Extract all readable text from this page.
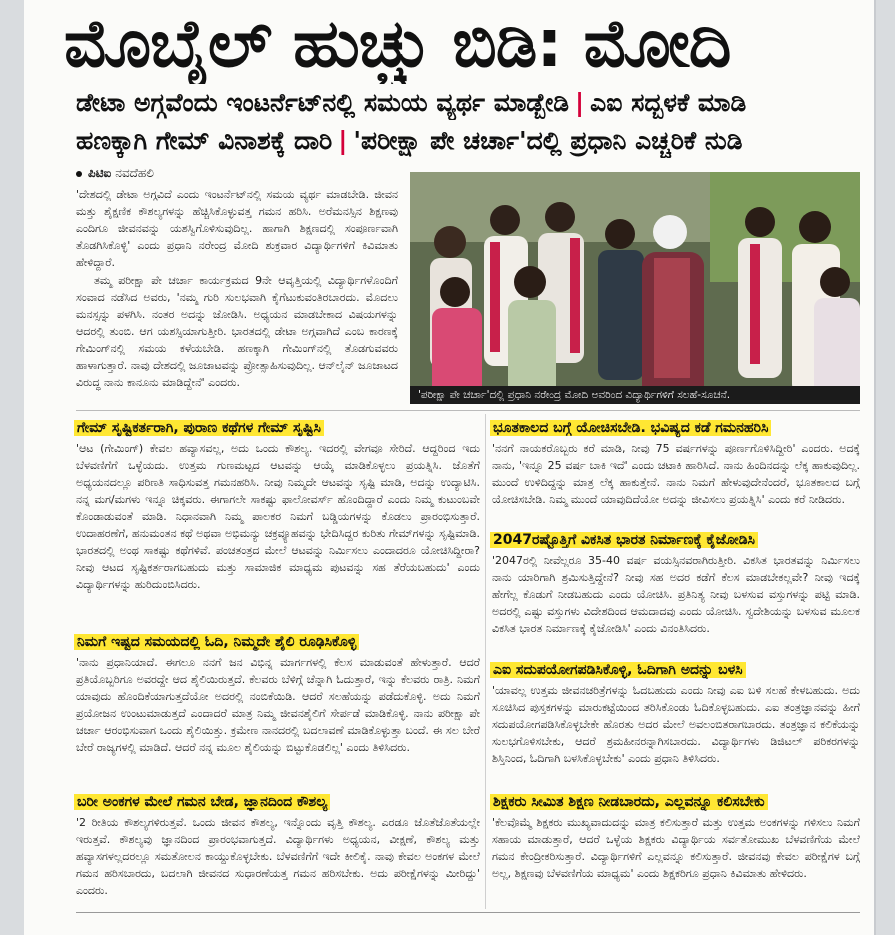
ಮೊಬೈಲ್ ಹುಚ್ಚು ಬಿಡಿ: ಮೋದಿ
ಡೇಟಾ ಅಗ್ಗವೆಂದು ಇಂಟರ್ನೆಟ್‌ನಲ್ಲಿ ಸಮಯ ವ್ಯರ್ಥ ಮಾಡ್ಬೇಡಿ | ಎಐ ಸದ್ಬಳಕೆ ಮಾಡಿ
ಹಣಕ್ಕಾಗಿ ಗೇಮ್ ವಿನಾಶಕ್ಕೆ ದಾರಿ | 'ಪರೀಕ್ಷಾ ಪೇ ಚರ್ಚಾ'ದಲ್ಲಿ ಪ್ರಧಾನಿ ಎಚ್ಚರಿಕೆ ನುಡಿ
ಪಿಟಿಐ ನವದೆಹಲಿ
'ದೇಶದಲ್ಲಿ ಡೇಟಾ ಅಗ್ಗವಿದೆ ಎಂದು ಇಂಟರ್ನೆಟ್‌ನಲ್ಲಿ ಸಮಯ ವ್ಯರ್ಥ ಮಾಡಬೇಡಿ. ಜೀವನ ಮತ್ತು ಶೈಕ್ಷಣಿಕ ಕೌಶಲ್ಯಗಳನ್ನು ಹೆಚ್ಚಿಸಿಕೊಳ್ಳುವತ್ತ ಗಮನ ಹರಿಸಿ. ಅರೆಮನಸ್ಸಿನ ಶಿಕ್ಷಣವು ಎಂದಿಗೂ ಜೀವನವನ್ನು ಯಶಸ್ವಿಗೊಳಿಸುವುದಿಲ್ಲ. ಹಾಗಾಗಿ ಶಿಕ್ಷಣದಲ್ಲಿ ಸಂಪೂರ್ಣವಾಗಿ ತೊಡಗಿಸಿಕೊಳ್ಳಿ' ಎಂದು ಪ್ರಧಾನಿ ನರೇಂದ್ರ ಮೋದಿ ಶುಕ್ರವಾರ ವಿದ್ಯಾರ್ಥಿಗಳಿಗೆ ಕಿವಿಮಾತು ಹೇಳಿದ್ದಾರೆ.
ತಮ್ಮ ಪರೀಕ್ಷಾ ಪೇ ಚರ್ಚಾ ಕಾರ್ಯಕ್ರಮದ 9ನೇ ಆವೃತ್ತಿಯಲ್ಲಿ ವಿದ್ಯಾರ್ಥಿಗಳೊಂದಿಗೆ ಸಂವಾದ ನಡೆಸಿದ ಅವರು, 'ನಮ್ಮ ಗುರಿ ಸುಲಭವಾಗಿ ಕೈಗೆಟುಕುವಂತಿರಬಾರದು. ಮೊದಲು ಮನಸ್ಸನ್ನು ಪಳಗಿಸಿ. ನಂತರ ಅದನ್ನು ಜೋಡಿಸಿ. ಅಧ್ಯಯನ ಮಾಡಬೇಕಾದ ವಿಷಯಗಳನ್ನು ಆದರಲ್ಲಿ ತುಂಬಿ. ಆಗ ಯಶಸ್ಸಿಯಾಗುತ್ತೀರಿ. ಭಾರತದಲ್ಲಿ ಡೇಟಾ ಅಗ್ಗವಾಗಿದೆ ಎಂಬ ಕಾರಣಕ್ಕೆ ಗೇಮಿಂಗ್‌ನಲ್ಲಿ ಸಮಯ ಕಳೆಯಬೇಡಿ. ಹಣಕ್ಕಾಗಿ ಗೇಮಿಂಗ್‌ನಲ್ಲಿ ತೊಡಗುವವರು ಹಾಳಾಗುತ್ತಾರೆ. ನಾವು ದೇಶದಲ್ಲಿ ಜೂಜಾಟವನ್ನು ಪ್ರೋತ್ಸಾಹಿಸುವುದಿಲ್ಲ. ಆನ್‌ಲೈನ್ ಜೂಜಾಟದ ವಿರುದ್ಧ ನಾನು ಕಾನೂನು ಮಾಡಿದ್ದೇನೆ' ಎಂದರು.
'ಪರೀಕ್ಷಾ ಪೇ ಚರ್ಚಾ'ದಲ್ಲಿ ಪ್ರಧಾನಿ ನರೇಂದ್ರ ಮೋದಿ ಅವರಿಂದ ವಿದ್ಯಾರ್ಥಿಗಳಿಗೆ ಸಲಹೆ-ಸೂಚನೆ.
ಗೇಮ್ ಸೃಷ್ಟಿಕರ್ತರಾಗಿ, ಪುರಾಣ ಕಥೆಗಳ ಗೇಮ್ ಸೃಷ್ಟಿಸಿ
'ಆಟ (ಗೇಮಿಂಗ್) ಕೇವಲ ಹವ್ಯಾಸವಲ್ಲ, ಅದು ಒಂದು ಕೌಶಲ್ಯ. ಇದರಲ್ಲಿ ವೇಗವೂ ಸೇರಿದೆ. ಆದ್ದರಿಂದ ಇದು ಬೆಳವಣಿಗೆಗೆ ಒಳ್ಳೆಯದು. ಉತ್ತಮ ಗುಣಮಟ್ಟದ ಆಟವನ್ನು ಆಯ್ಕೆ ಮಾಡಿಕೊಳ್ಳಲು ಪ್ರಯತ್ನಿಸಿ. ಜೊತೆಗೆ ಅಧ್ಯಯನದಲ್ಲೂ ಪರಿಣತಿ ಸಾಧಿಸುವತ್ತ ಗಮನಹರಿಸಿ. ನೀವು ನಿಮ್ಮದೇ ಆಟವನ್ನು ಸೃಷ್ಟಿ ಮಾಡಿ, ಅದನ್ನು ಉದ್ಯಾಟಿಸಿ. ನನ್ನ ಮಗ/ಮಗಳು ಇನ್ನೂ ಚಿಕ್ಕವರು. ಈಗಾಗಲೇ ಸಾಕಷ್ಟು ಫಾಲೋವರ್ಸ್ ಹೊಂದಿದ್ದಾರೆ ಎಂದು ನಿಮ್ಮ ಕುಟುಂಬವೇ ಕೊಂಡಾಡುವಂತೆ ಮಾಡಿ. ನಿಧಾನವಾಗಿ ನಿಮ್ಮ ಪಾಲಕರ ನಿಮಗೆ ಬಡ್ಡಿಯಗಳನ್ನು ಕೊಡಲು ಪ್ರಾರಂಭಿಸುತ್ತಾರೆ. ಉದಾಹರಣೆಗೆ, ಹನುಮಂತನ ಕಥೆ ಅಥವಾ ಅಭಿಮನ್ಯು ಚಕ್ರವ್ಯೂಹವನ್ನು ಭೇದಿಸಿದ್ದರ ಕುರಿತು ಗೇಮ್‌ಗಳನ್ನು ಸೃಷ್ಟಿಮಾಡಿ. ಭಾರತದಲ್ಲಿ ಅಂಥ ಸಾಕಷ್ಟು ಕಥೆಗಳಿವೆ. ಪಂಚತಂತ್ರದ ಮೇಲೆ ಆಟವನ್ನು ನಿರ್ಮಿಸಲು ಎಂದಾದರೂ ಯೋಚಿಸಿದ್ದೀರಾ? ನೀವು ಆಟದ ಸೃಷ್ಟಿಕರ್ತರಾಗಬಹುದು ಮತ್ತು ಸಾಮಾಜಿಕ ಮಾಧ್ಯಮ ಪುಟವನ್ನು ಸಹ ತೆರೆಯಬಹುದು' ಎಂದು ವಿದ್ಯಾರ್ಥಿಗಳನ್ನು ಹುರಿದುಂಬಿಸಿದರು.
ನಿಮಗೆ ಇಷ್ಟದ ಸಮಯದಲ್ಲಿ ಓದಿ, ನಿಮ್ಮದೇ ಶೈಲಿ ರೂಢಿಸಿಕೊಳ್ಳಿ
'ನಾನು ಪ್ರಧಾನಿಯಾದೆ. ಈಗಲೂ ನನಗೆ ಜನ ವಿಭಿನ್ನ ಮಾರ್ಗಗಳಲ್ಲಿ ಕೆಲಸ ಮಾಡುವಂತೆ ಹೇಳುತ್ತಾರೆ. ಆದರೆ ಪ್ರತಿಯೊಬ್ಬರಿಗೂ ಅವರದ್ದೇ ಆದ ಶೈಲಿಯಿರುತ್ತದೆ. ಕೆಲವರು ಬೆಳಿಗ್ಗೆ ಚೆನ್ನಾಗಿ ಓದುತ್ತಾರೆ, ಇನ್ನು ಕೆಲವರು ರಾತ್ರಿ. ನಿಮಗೆ ಯಾವುದು ಹೊಂದಿಕೆಯಾಗುತ್ತದೆಯೋ ಅದರಲ್ಲಿ ನಂಬಿಕೆಯಿಡಿ. ಆದರೆ ಸಲಹೆಯನ್ನು ಪಡೆದುಕೊಳ್ಳಿ. ಅದು ನಿಮಗೆ ಪ್ರಯೋಜನ ಉಂಟುಮಾಡುತ್ತದೆ ಎಂದಾದರೆ ಮಾತ್ರ ನಿಮ್ಮ ಜೀವನಶೈಲಿಗೆ ಸೇರ್ಪಡೆ ಮಾಡಿಕೊಳ್ಳಿ. ನಾನು ಪರೀಕ್ಷಾ ಪೇ ಚರ್ಚಾ ಆರಂಭಿಸುವಾಗ ಒಂದು ಶೈಲಿಯಿತ್ತು. ಕ್ರಮೇಣ ನಾನದರಲ್ಲಿ ಬದಲಾವಣೆ ಮಾಡಿಕೊಳ್ಳುತ್ತಾ ಬಂದೆ. ಈ ಸಲ ಬೇರೆ ಬೇರೆ ರಾಜ್ಯಗಳಲ್ಲಿ ಮಾಡಿದೆ. ಆದರೆ ನನ್ನ ಮೂಲ ಶೈಲಿಯನ್ನು ಬಿಟ್ಟುಕೊಡಲಿಲ್ಲ' ಎಂದು ತಿಳಿಸಿದರು.
ಬರೀ ಅಂಕಗಳ ಮೇಲೆ ಗಮನ ಬೇಡ, ಜ್ಞಾನದಿಂದ ಕೌಶಲ್ಯ
'2 ರೀತಿಯ ಕೌಶಲ್ಯಗಳಿರುತ್ತವೆ. ಒಂದು ಜೀವನ ಕೌಶಲ್ಯ, ಇನ್ನೊಂದು ವೃತ್ತಿ ಕೌಶಲ್ಯ. ಎರಡೂ ಜೊತೆಜೊತೆಯಲ್ಲೇ ಇರುತ್ತವೆ. ಕೌಶಲ್ಯವು ಜ್ಞಾನದಿಂದ ಪ್ರಾರಂಭವಾಗುತ್ತದೆ. ವಿದ್ಯಾರ್ಥಿಗಳು ಅಧ್ಯಯನ, ವೀಕ್ಷಣೆ, ಕೌಶಲ್ಯ ಮತ್ತು ಹವ್ಯಾಸಗಳಲ್ಲದರಲ್ಲೂ ಸಮತೋಲನ ಕಾಯ್ದುಕೊಳ್ಳಬೇಕು. ಬೆಳವಣಿಗೆಗೆ ಇದೇ ಕೀಲಿಕೈ. ನಾವು ಕೇವಲ ಅಂಕಗಳ ಮೇಲೆ ಗಮನ ಹರಿಸಬಾರದು, ಬದಲಾಗಿ ಜೀವನದ ಸುಧಾರಣೆಯತ್ತ ಗಮನ ಹರಿಸಬೇಕು. ಅದು ಪರೀಕ್ಷೆಗಳನ್ನು ಮೀರಿದ್ದು' ಎಂದರು.
ಭೂತಕಾಲದ ಬಗ್ಗೆ ಯೋಚಿಸಬೇಡಿ. ಭವಿಷ್ಯದ ಕಡೆ ಗಮನಹರಿಸಿ
'ನನಗೆ ನಾಯಕರೊಬ್ಬರು ಕರೆ ಮಾಡಿ, ನೀವು 75 ವರ್ಷಗಳನ್ನು ಪೂರ್ಣಗೊಳಿಸಿದ್ದೀರಿ' ಎಂದರು. ಅದಕ್ಕೆ ನಾನು, 'ಇನ್ನೂ 25 ವರ್ಷ ಬಾಕಿ ಇದೆ' ಎಂದು ಚಟಾಕಿ ಹಾರಿಸಿದೆ. ನಾನು ಹಿಂದಿನದನ್ನು ಲೆಕ್ಕ ಹಾಕುವುದಿಲ್ಲ. ಮುಂದೆ ಉಳಿದಿದ್ದನ್ನು ಮಾತ್ರ ಲೆಕ್ಕ ಹಾಕುತ್ತೇನೆ. ನಾನು ನಿಮಗೆ ಹೇಳುವುದೇನೆಂದರೆ, ಭೂತಕಾಲದ ಬಗ್ಗೆ ಯೋಚಿಸಬೇಡಿ. ನಿಮ್ಮ ಮುಂದೆ ಯಾವುದಿದೆಯೋ ಅದನ್ನು ಜೀವಿಸಲು ಪ್ರಯತ್ನಿಸಿ' ಎಂದು ಕರೆ ನೀಡಿದರು.
2047ರಷ್ಟೊತ್ತಿಗೆ ವಿಕಸಿತ ಭಾರತ ನಿರ್ಮಾಣಕ್ಕೆ ಕೈಜೋಡಿಸಿ
'2047ರಲ್ಲಿ ನೀವೆಲ್ಲರೂ 35-40 ವರ್ಷ ವಯಸ್ಸಿನವರಾಗಿರುತ್ತೀರಿ. ವಿಕಸಿತ ಭಾರತವನ್ನು ನಿರ್ಮಿಸಲು ನಾನು ಯಾರಿಗಾಗಿ ಶ್ರಮಿಸುತ್ತಿದ್ದೇನೆ? ನೀವು ಸಹ ಅದರ ಕಡೆಗೆ ಕೆಲಸ ಮಾಡಬೇಕಲ್ಲವೇ? ನೀವು ಇದಕ್ಕೆ ಹೇಗೆಲ್ಲ ಕೊಡುಗೆ ನೀಡಬಹುದು ಎಂದು ಯೋಚಿಸಿ. ಪ್ರತಿನಿತ್ಯ ನೀವು ಬಳಸುವ ವಸ್ತುಗಳನ್ನು ಪಟ್ಟಿ ಮಾಡಿ. ಅದರಲ್ಲಿ ಎಷ್ಟು ವಸ್ತುಗಳು ವಿದೇಶದಿಂದ ಆಮದಾದವು ಎಂದು ಯೋಚಿಸಿ. ಸ್ವದೇಶಿಯನ್ನು ಬಳಸುವ ಮೂಲಕ ವಿಕಸಿತ ಭಾರತ ನಿರ್ಮಾಣಕ್ಕೆ ಕೈಜೋಡಿಸಿ' ಎಂದು ವಿನಂತಿಸಿದರು.
ಎಐ ಸದುಪಯೋಗಪಡಿಸಿಕೊಳ್ಳಿ, ಓದಿಗಾಗಿ ಅದನ್ನು ಬಳಸಿ
'ಯಾವಲ್ಲ ಉತ್ತಮ ಜೀವನಚರಿತ್ರೆಗಳನ್ನು ಓದಬಹುದು ಎಂದು ನೀವು ಎಐ ಬಳಿ ಸಲಹೆ ಕೇಳಬಹುದು. ಅದು ಸೂಚಿಸಿದ ಪುಸ್ತಕಗಳನ್ನು ಮಾರುಕಟ್ಟೆಯಿಂದ ತರಿಸಿಕೊಂಡು ಓದಿಕೊಳ್ಳಬಹುದು. ಎಐ ತಂತ್ರಜ್ಞಾನವನ್ನು ಹೀಗೆ ಸದುಪಯೋಗಪಡಿಸಿಕೊಳ್ಳಬೇಕೇ ಹೊರತು ಅದರ ಮೇಲೆ ಅವಲಂಬಿತರಾಗಬಾರದು. ತಂತ್ರಜ್ಞಾನ ಕಲಿಕೆಯನ್ನು ಸುಲಭಗೊಳಿಸಬೇಕು, ಆದರೆ ಶ್ರಮಹೀನರನ್ನಾಗಿಸಬಾರದು. ವಿದ್ಯಾರ್ಥಿಗಳು ಡಿಜಿಟಲ್ ಪರಿಕರಗಳನ್ನು ಶಿಸ್ತಿನಿಂದ, ಓದಿಗಾಗಿ ಬಳಸಿಕೊಳ್ಳಬೇಕು' ಎಂದು ಪ್ರಧಾನಿ ತಿಳಿಸಿದರು.
ಶಿಕ್ಷಕರು ಸೀಮಿತ ಶಿಕ್ಷಣ ನೀಡಬಾರದು, ಎಲ್ಲವನ್ನೂ ಕಲಿಸಬೇಕು
'ಕೆಲವೊಮ್ಮೆ ಶಿಕ್ಷಕರು ಮುಖ್ಯವಾದುದನ್ನು ಮಾತ್ರ ಕಲಿಸುತ್ತಾರೆ ಮತ್ತು ಉತ್ತಮ ಅಂಕಗಳನ್ನು ಗಳಿಸಲು ನಿಮಗೆ ಸಹಾಯ ಮಾಡುತ್ತಾರೆ, ಆದರೆ ಒಳ್ಳೆಯ ಶಿಕ್ಷಕರು ವಿದ್ಯಾರ್ಥಿಯ ಸರ್ವತೋಮುಖ ಬೆಳವಣಿಗೆಯ ಮೇಲೆ ಗಮನ ಕೇಂದ್ರೀಕರಿಸುತ್ತಾರೆ. ವಿದ್ಯಾರ್ಥಿಗಳಿಗೆ ಎಲ್ಲವನ್ನೂ ಕಲಿಸುತ್ತಾರೆ. ಜೀವನವು ಕೇವಲ ಪರೀಕ್ಷೆಗಳ ಬಗ್ಗೆ ಅಲ್ಲ, ಶಿಕ್ಷಣವು ಬೆಳವಣಿಗೆಯ ಮಾಧ್ಯಮ' ಎಂದು ಶಿಕ್ಷಕರಿಗೂ ಪ್ರಧಾನಿ ಕಿವಿಮಾತು ಹೇಳಿದರು.
